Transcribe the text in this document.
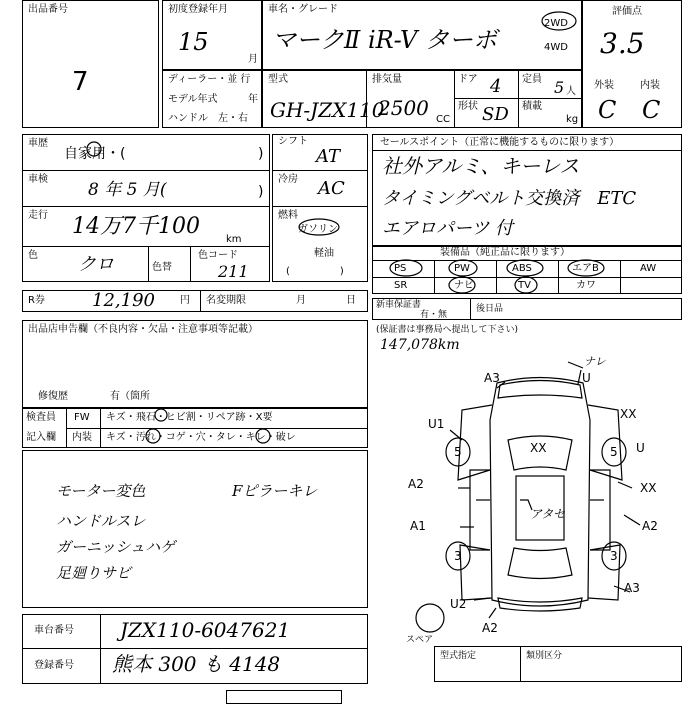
出品番号
7
初度登録年月
15
月
車名・グレード
マークⅡ iR-V ターボ
2WD
4WD
評価点
3.5
外装	内装
C C
ディーラー・並 行
モデル年式	年
ハンドル　左・右
型式
GH-JZX110
排気量
2500 CC
ドア 4 定員 5 人
形状 SD 積載
kg
車歴
自家用・(	)
車検
8 年 5 月(	)
走行 14万7千100
km
色 クロ	色替
色コード
211
シフト
AT
冷房 AC
燃料
ガソリン
軽油
(　　　　　)
R券	12,190	円 名変期限	月	日
セールスポイント（正常に機能するものに限ります）
社外アルミ、キーレス
タイミングベルト交換済　ETC
エアロパーツ 付
装備品（純正品に限ります）
PS	PW	ABS	エアB	AW
SR	ナビ	TV	カワ
新車保証書
有・無
後日品
(保証書は事務局へ提出して下さい)
147,078km
出品店申告欄（不良内容・欠品・注意事項等記載）
修復歴	有（箇所
検査員
記入欄
FW キズ・飛石・ヒビ割・リペア跡・X要
内装 キズ・汚れ・コゲ・穴・タレ・キレ・破レ
モーター変色
ハンドルスレ
ガーニッシュハゲ
足廻りサビ
Fピラーキレ
車台番号 JZX110-6047621
登録番号 熊本 300 も 4148	型式指定	類別区分
A3	U
ナレ
U1
U
XX
XX
XX
A2
A1	A2
A3
U2
A2
アタセ
5	5
3	3
スペア
